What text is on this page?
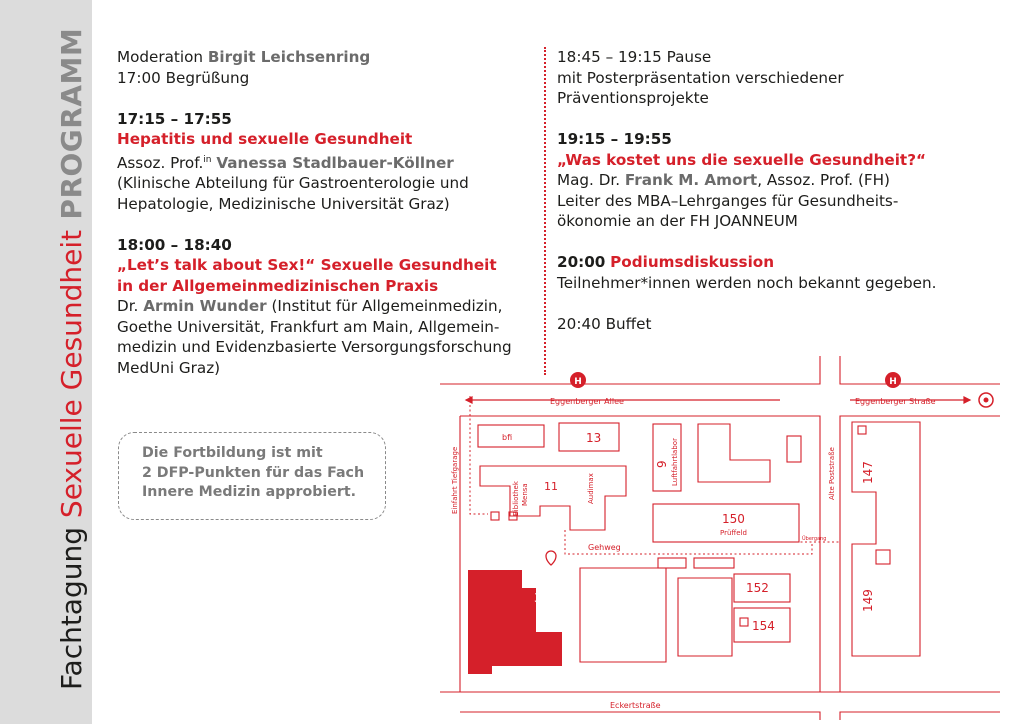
Fachtagung Sexuelle Gesundheit PROGRAMM Moderation Birgit Leichsenring

17:00 Begrüßung

17:15 – 17:55

Hepatitis und sexuelle Gesundheit

Assoz. Prof.$^{in}$ Vanessa Stadlbauer-Köllner

(Klinische Abteilung für Gastroenterologie und

Hepatologie, Medizinische Universität Graz)

18:00 – 18:40

„Let’s talk about Sex!“ Sexuelle Gesundheit

in der Allgemeinmedizinischen Praxis

Dr. Armin Wunder (Institut für Allgemeinmedizin,

Goethe Universität, Frankfurt am Main, Allgemein-

medizin und Evidenzbasierte Versorgungsforschung

MedUni Graz)

18:45 – 19:15 Pause

mit Posterpräsentation verschiedener

Präventionsprojekte

19:15 – 19:55

„Was kostet uns die sexuelle Gesundheit?“

Mag. Dr. Frank M. Amort, Assoz. Prof. (FH)

Leiter des MBA–Lehrganges für Gesundheits-

ökonomie an der FH JOANNEUM

20:00 Podiumsdiskussion

Teilnehmer*innen werden noch bekannt gegeben.

20:40 Buffet

Die Fortbildung ist mit
2 DFP-Punkten für das Fach
Innere Medizin approbiert.
H	H
Eggenberger Allee	Eggenberger Straße
Eckertstraße
Alte Poststraße
Einfahrt Tiefgarage
Gehweg
Übergang
bfi	13
9 Luftfahrtlabor
11
Bibliothek Mensa	Audimax
150
Prüffeld
147
152
154
149
30i
